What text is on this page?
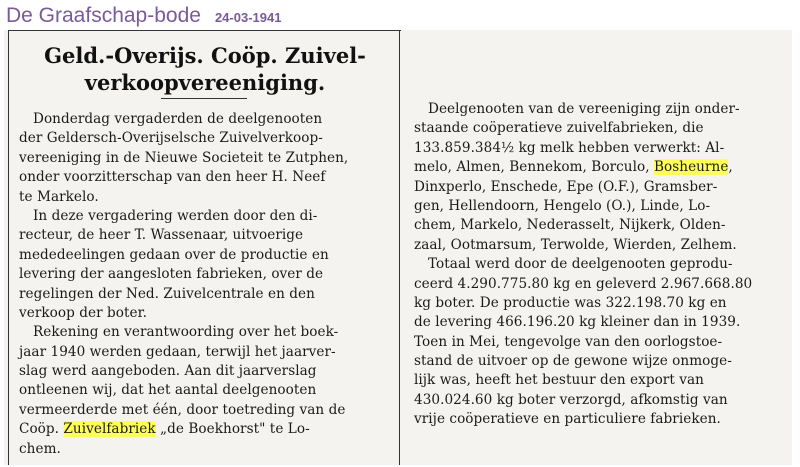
De Graafschap-bode 24-03-1941
Geld.-Overijs. Coöp. Zuivel-
verkoopvereeniging.
Donderdag vergaderden de deelgenooten
der Geldersch-Overijselsche Zuivelverkoop-
vereeniging in de Nieuwe Societeit te Zutphen,
onder voorzitterschap van den heer H. Neef
te Markelo.
In deze vergadering werden door den di-
recteur, de heer T. Wassenaar, uitvoerige
mededeelingen gedaan over de productie en
levering der aangesloten fabrieken, over de
regelingen der Ned. Zuivelcentrale en den
verkoop der boter.
Rekening en verantwoording over het boek-
jaar 1940 werden gedaan, terwijl het jaarver-
slag werd aangeboden. Aan dit jaarverslag
ontleenen wij, dat het aantal deelgenooten
vermeerderde met één, door toetreding van de
Coöp. Zuivelfabriek „de Boekhorst" te Lo-
chem.
Deelgenooten van de vereeniging zijn onder-
staande coöperatieve zuivelfabrieken, die
133.859.384½ kg melk hebben verwerkt: Al-
melo, Almen, Bennekom, Borculo, Bosheurne,
Dinxperlo, Enschede, Epe (O.F.), Gramsber-
gen, Hellendoorn, Hengelo (O.), Linde, Lo-
chem, Markelo, Nederasselt, Nijkerk, Olden-
zaal, Ootmarsum, Terwolde, Wierden, Zelhem.
Totaal werd door de deelgenooten geprodu-
ceerd 4.290.775.80 kg en geleverd 2.967.668.80
kg boter. De productie was 322.198.70 kg en
de levering 466.196.20 kg kleiner dan in 1939.
Toen in Mei, tengevolge van den oorlogstoe-
stand de uitvoer op de gewone wijze onmoge-
lijk was, heeft het bestuur den export van
430.024.60 kg boter verzorgd, afkomstig van
vrije coöperatieve en particuliere fabrieken.
